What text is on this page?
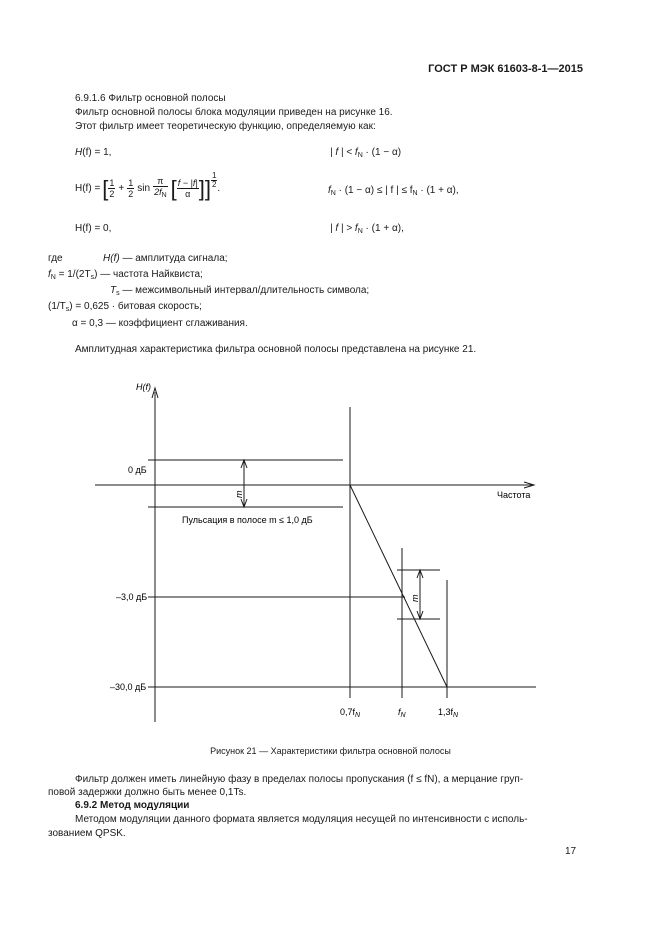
ГОСТ Р МЭК 61603-8-1—2015
6.9.1.6 Фильтр основной полосы
Фильтр основной полосы блока модуляции приведен на рисунке 16.
Этот фильтр имеет теоретическую функцию, определяемую как:
H(f) = 1,	| f | < $f_N \cdot (1 - \alpha)$
H(f) = [ $\frac{1}{2} + \frac{1}{2}$ $\sin \frac{\pi}{2f_N}$ [ $\frac{f - |f|}{\alpha}$ ]] $\frac{1}{2}$ .	$f_N \cdot (1 - \alpha)$ ≤ | f | ≤ $f_N \cdot (1 + \alpha)$,
H(f) = 0,	| f | > $f_N \cdot (1 + \alpha)$,
где	H(f) — амплитуда сигнала;
$f_N = 1/(2T_s)$ — частота Найквиста;
$T_s$ — межсимвольный интервал/длительность символа;
$(1/T_s) = 0,625$ · битовая скорость;
α = 0,3 — коэффициент сглаживания.
Амплитудная характеристика фильтра основной полосы представлена на рисунке 21.
H(f)
Частота
0 дБ
–3,0 дБ
–30,0 дБ
$0,7f_N$	$f_N$	$1,3f_N$
Пульсация в полосе m ≤ 1,0 дБ
m
m
Рисунок 21 — Характеристики фильтра основной полосы
Фильтр должен иметь линейную фазу в пределах полосы пропускания (f ≤ fN), а мерцание груп-
повой задержки должно быть менее 0,1Ts.
6.9.2 Метод модуляции
Методом модуляции данного формата является модуляция несущей по интенсивности с исполь-
зованием QPSK.
17
